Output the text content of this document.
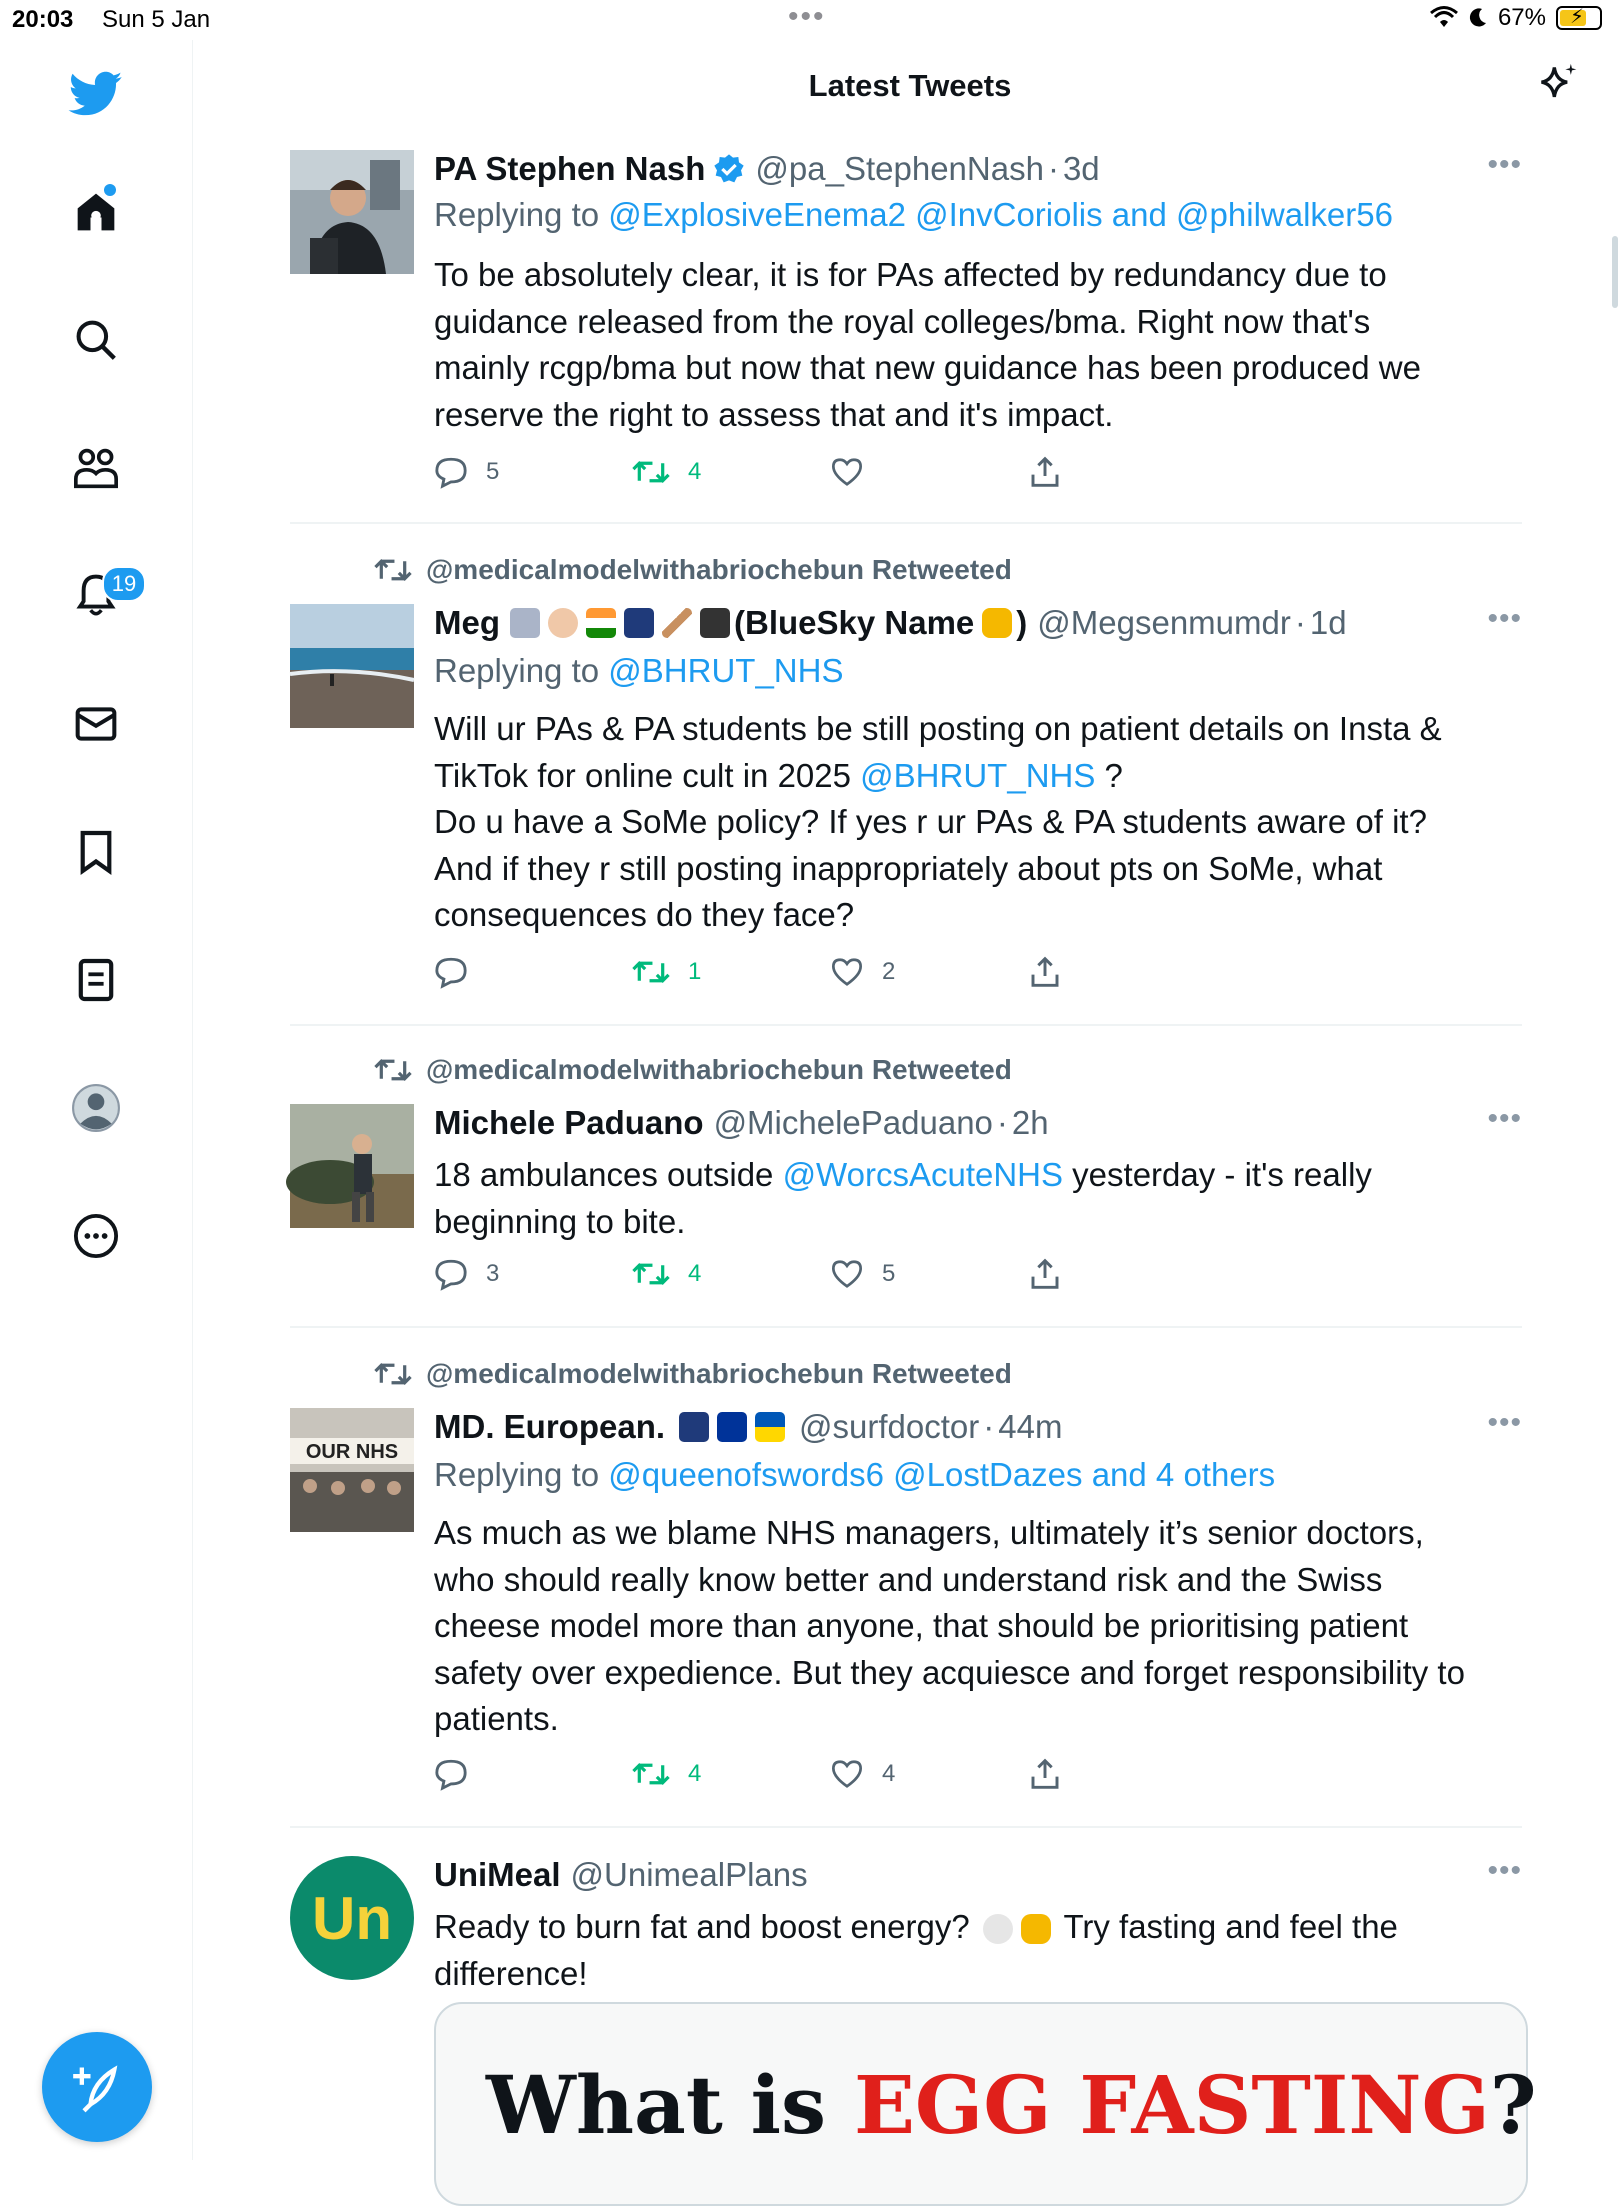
20:03 Sun 5 Jan	•••	67% ⚡
19
Latest Tweets
PA Stephen Nash @pa_StephenNash · 3d	•••
Replying to @ExplosiveEnema2 @InvCoriolis and @philwalker56
To be absolutely clear, it is for PAs affected by redundancy due to
guidance released from the royal colleges/bma. Right now that's
mainly rcgp/bma but now that new guidance has been produced we
reserve the right to assess that and it's impact.
5	4
@medicalmodelwithabriochebun Retweeted
Meg	(BlueSky Name ) @Megsenmumdr · 1d	•••
Replying to @BHRUT_NHS
Will ur PAs & PA students be still posting on patient details on Insta &
TikTok for online cult in 2025 @BHRUT_NHS ?
Do u have a SoMe policy? If yes r ur PAs & PA students aware of it?
And if they r still posting inappropriately about pts on SoMe, what
consequences do they face?
1	2
@medicalmodelwithabriochebun Retweeted
Michele Paduano @MichelePaduano · 2h	•••
18 ambulances outside @WorcsAcuteNHS yesterday - it's really
beginning to bite.
3	4	5
@medicalmodelwithabriochebun Retweeted
OUR NHS
MD. European.	@surfdoctor · 44m	•••
Replying to @queenofswords6 @LostDazes and 4 others
As much as we blame NHS managers, ultimately it’s senior doctors,
who should really know better and understand risk and the Swiss
cheese model more than anyone, that should be prioritising patient
safety over expedience. But they acquiesce and forget responsibility to
patients.
4	4
Un
UniMeal @UnimealPlans	•••
Ready to burn fat and boost energy?  Try fasting and feel the
difference!
What is EGG FASTING?
